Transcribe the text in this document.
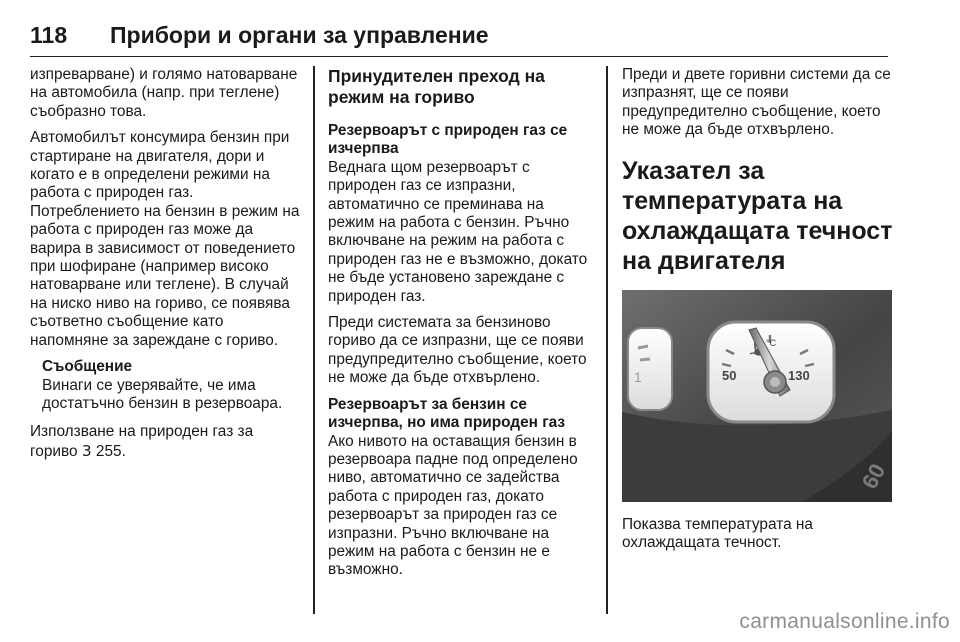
118 Прибори и органи за управление

изпреварване) и голямо натоварване на автомобила (напр. при теглене) съобразно това.

Автомобилът консумира бензин при стартиране на двигателя, дори и когато е в определени режими на работа с природен газ. Потреблението на бензин в режим на работа с природен газ може да варира в зависимост от поведението при шофиране (например високо натоварване или теглене). В случай на ниско ниво на гориво, се появява съответно съобщение като напомняне за зареждане с гориво.

Съобщение
Винаги се уверявайте, че има достатъчно бензин в резервоара.

Използване на природен газ за гориво 3 255.

Принудителен преход на режим на гориво
Резервоарът с природен газ се изчерпва

Веднага щом резервоарът с природен газ се изпразни, автоматично се преминава на режим на работа с бензин. Ръчно включване на режим на работа с природен газ не е възможно, докато не бъде установено зареждане с природен газ.

Преди системата за бензиново гориво да се изпразни, ще се появи предупредително съобщение, което не може да бъде отхвърлено.

Резервоарът за бензин се изчерпва, но има природен газ

Ако нивото на оставащия бензин в резервоара падне под определено ниво, автоматично се задейства работа с природен газ, докато резервоарът за природен газ се изпразни. Ръчно включване на режим на работа с бензин не е възможно.

Преди и двете горивни системи да се изпразнят, ще се появи предупредително съобщение, което не може да бъде отхвърлено.

Указател за температурата на охлаждащата течност на двигателя
1
°C
50	130
60

Показва температурата на охлаждащата течност.

carmanualsonline.info
